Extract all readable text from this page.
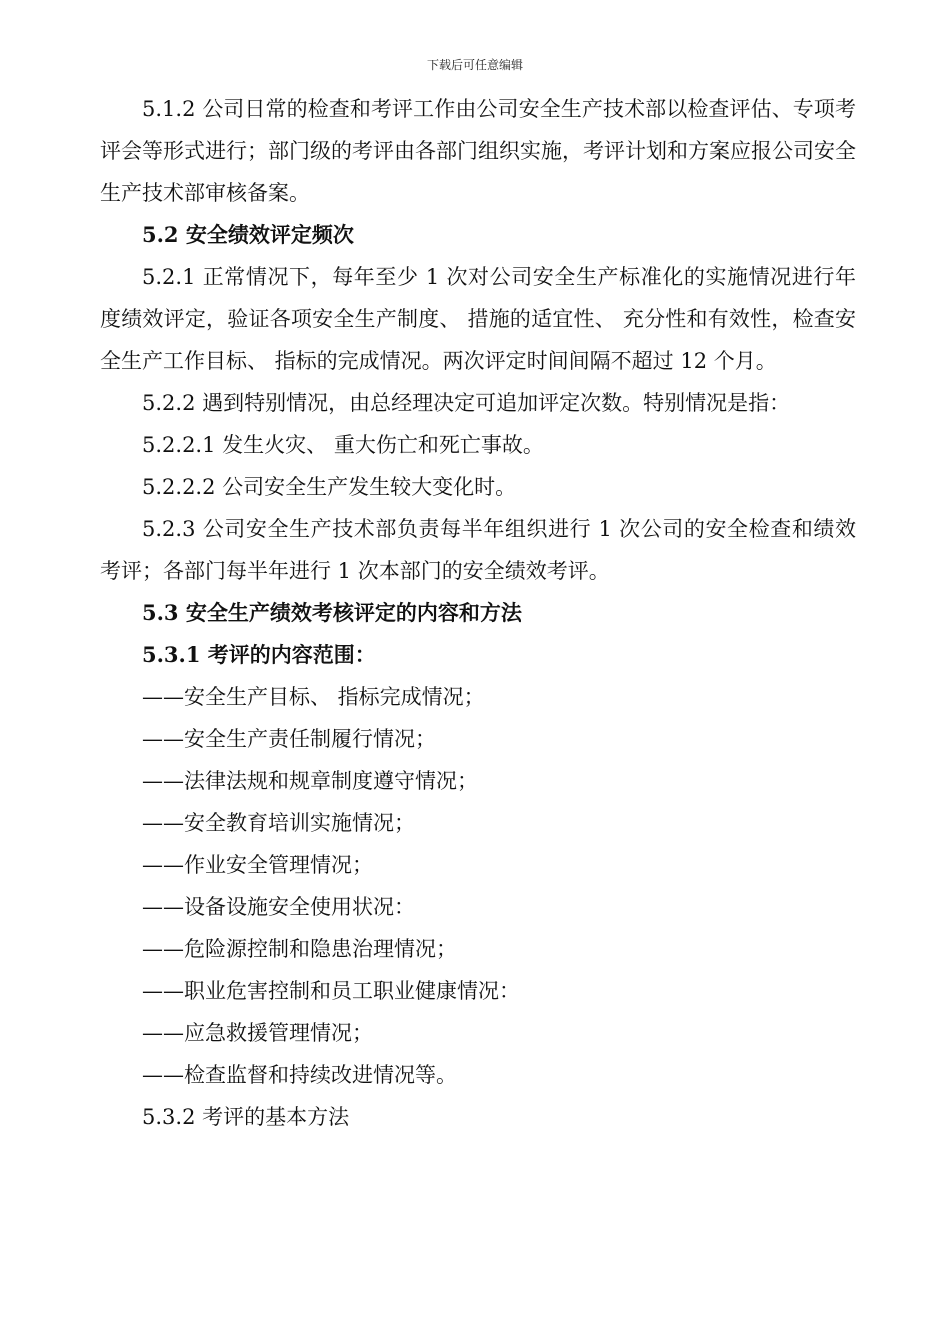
下载后可任意编辑

5.1.2 公司日常的检查和考评工作由公司安全生产技术部以检查评估、专项考评会等形式进行；部门级的考评由各部门组织实施，考评计划和方案应报公司安全生产技术部审核备案。

5.2 安全绩效评定频次

5.2.1 正常情况下，每年至少 1 次对公司安全生产标准化的实施情况进行年度绩效评定，验证各项安全生产制度、 措施的适宜性、 充分性和有效性，检查安全生产工作目标、 指标的完成情况。两次评定时间间隔不超过 12 个月。

5.2.2 遇到特别情况，由总经理决定可追加评定次数。特别情况是指：

5.2.2.1 发生火灾、 重大伤亡和死亡事故。

5.2.2.2 公司安全生产发生较大变化时。

5.2.3 公司安全生产技术部负责每半年组织进行 1 次公司的安全检查和绩效考评；各部门每半年进行 1 次本部门的安全绩效考评。

5.3 安全生产绩效考核评定的内容和方法

5.3.1 考评的内容范围：

——安全生产目标、 指标完成情况；

——安全生产责任制履行情况；

——法律法规和规章制度遵守情况；

——安全教育培训实施情况；

——作业安全管理情况；

——设备设施安全使用状况：

——危险源控制和隐患治理情况；

——职业危害控制和员工职业健康情况：

——应急救援管理情况；

——检查监督和持续改进情况等。

5.3.2 考评的基本方法
